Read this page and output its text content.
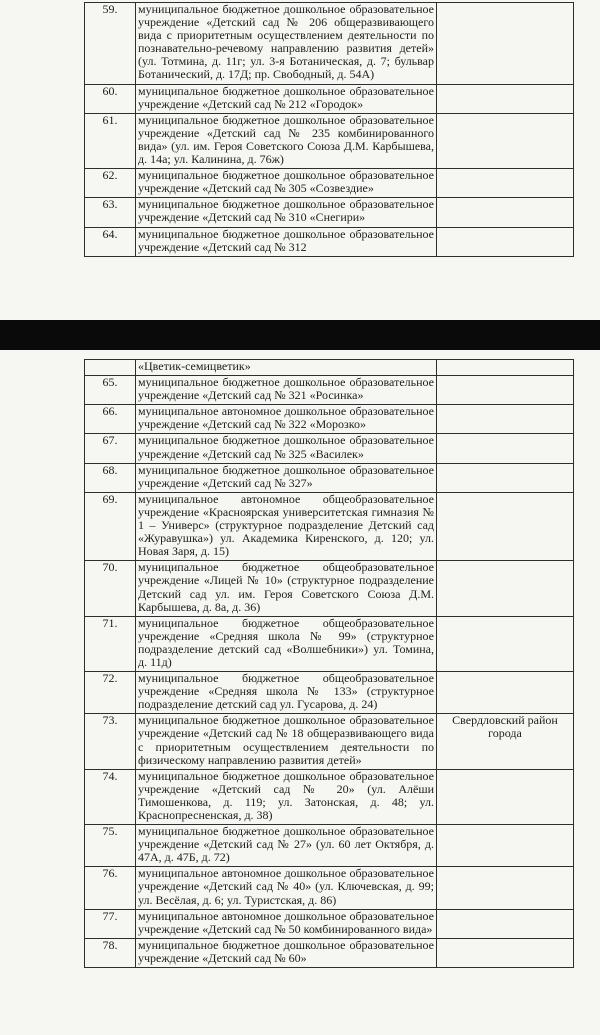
59.	муниципальное бюджетное дошкольное образовательное учреждение «Детский сад № 206 общеразвивающего вида с приоритетным осуществлением деятельности по познавательно-речевому направлению развития детей» (ул. Тотмина, д. 11г; ул. 3-я Ботаническая, д. 7; бульвар Ботанический, д. 17Д; пр. Свободный, д. 54А)	
60.	муниципальное бюджетное дошкольное образовательное учреждение «Детский сад № 212 «Городок»	
61.	муниципальное бюджетное дошкольное образовательное учреждение «Детский сад № 235 комбинированного вида» (ул. им. Героя Советского Союза Д.М. Карбышева, д. 14а; ул. Калинина, д. 76ж)	
62.	муниципальное бюджетное дошкольное образовательное учреждение «Детский сад № 305 «Созвездие»	
63.	муниципальное бюджетное дошкольное образовательное учреждение «Детский сад № 310 «Снегири»	
64.	муниципальное бюджетное дошкольное образовательное учреждение «Детский сад № 312	
	«Цветик-семицветик»	
65.	муниципальное бюджетное дошкольное образовательное учреждение «Детский сад № 321 «Росинка»	
66.	муниципальное автономное дошкольное образовательное учреждение «Детский сад № 322 «Морозко»	
67.	муниципальное бюджетное дошкольное образовательное учреждение «Детский сад № 325 «Василек»	
68.	муниципальное бюджетное дошкольное образовательное учреждение «Детский сад № 327»	
69.	муниципальное автономное общеобразовательное учреждение «Красноярская университетская гимназия № 1 – Универс» (структурное подразделение Детский сад «Журавушка») ул. Академика Киренского, д. 120; ул. Новая Заря, д. 15)	
70.	муниципальное бюджетное общеобразовательное учреждение «Лицей № 10» (структурное подразделение Детский сад ул. им. Героя Советского Союза Д.М. Карбышева, д. 8а, д. 36)	
71.	муниципальное бюджетное общеобразовательное учреждение «Средняя школа № 99» (структурное подразделение детский сад «Волшебники») ул. Томина, д. 11д)	
72.	муниципальное бюджетное общеобразовательное учреждение «Средняя школа № 133» (структурное подразделение детский сад ул. Гусарова, д. 24)	
73.	муниципальное бюджетное дошкольное образовательное учреждение «Детский сад № 18 общеразвивающего вида с приоритетным осуществлением деятельности по физическому направлению развития детей»	Свердловский район города
74.	муниципальное бюджетное дошкольное образовательное учреждение «Детский сад № 20» (ул. Алёши Тимошенкова, д. 119; ул. Затонская, д. 48; ул. Краснопресненская, д. 38)	
75.	муниципальное бюджетное дошкольное образовательное учреждение «Детский сад № 27» (ул. 60 лет Октября, д. 47А, д. 47Б, д. 72)	
76.	муниципальное автономное дошкольное образовательное учреждение «Детский сад № 40» (ул. Ключевская, д. 99; ул. Весёлая, д. 6; ул. Туристская, д. 86)	
77.	муниципальное автономное дошкольное образовательное учреждение «Детский сад № 50 комбинированного вида»	
78.	муниципальное бюджетное дошкольное образовательное учреждение «Детский сад № 60»	
